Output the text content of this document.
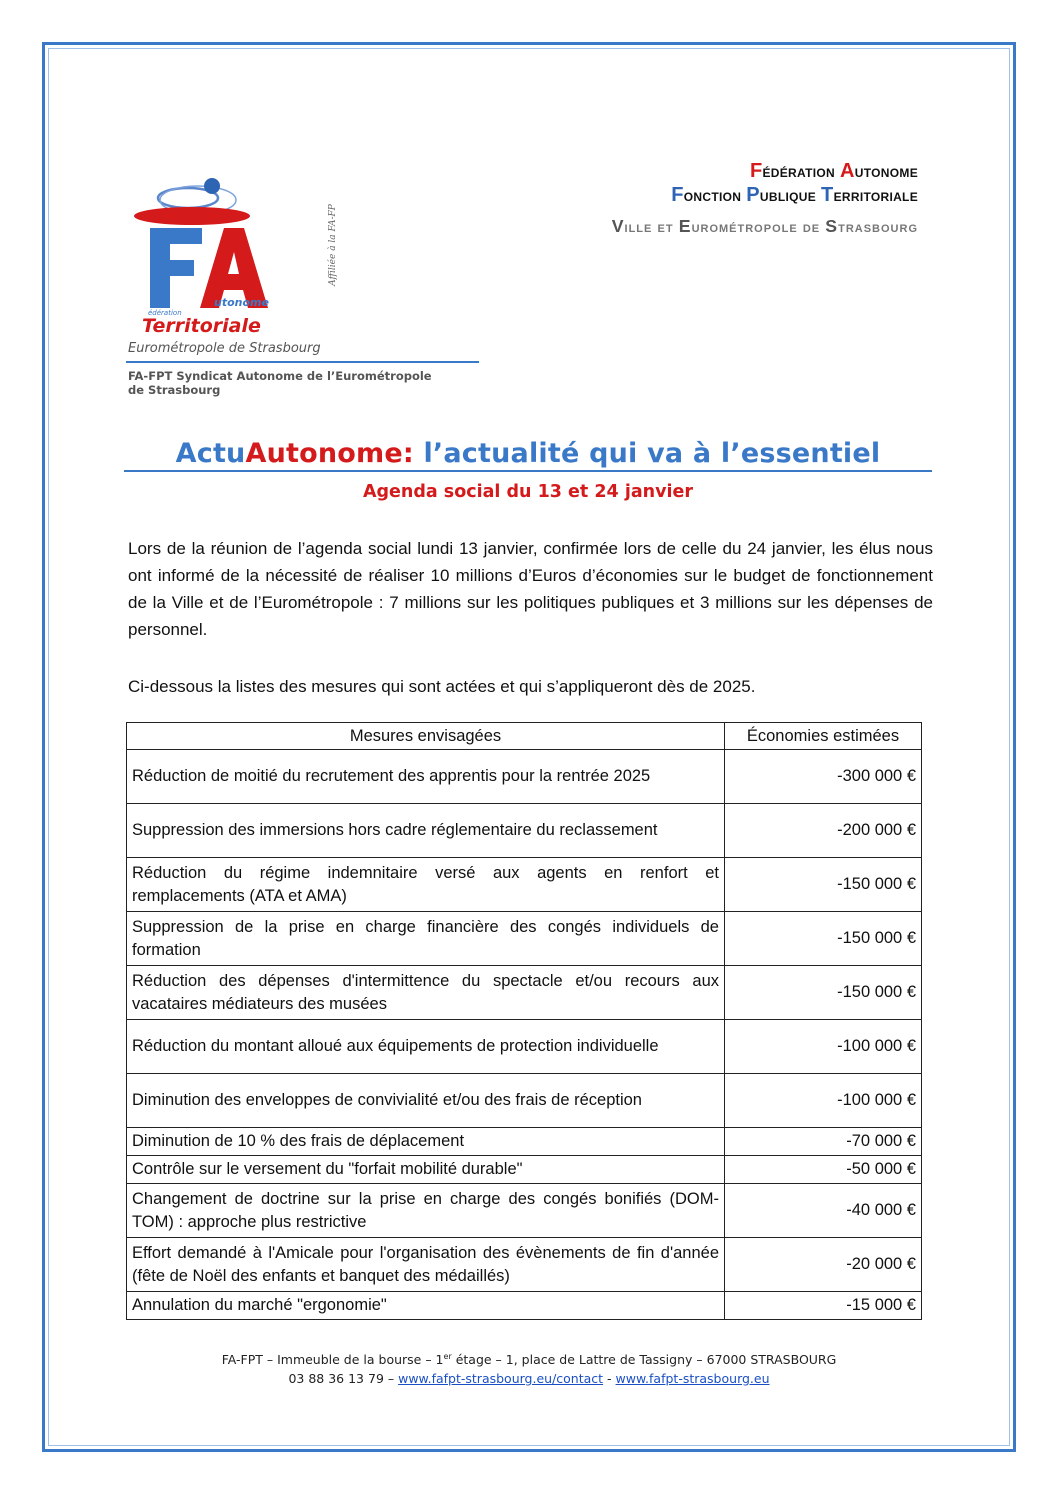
utonome
édération
Territoriale
Affiliée à la FA-FP
Eurométropole de Strasbourg
FA-FPT Syndicat Autonome de l’Eurométropole de Strasbourg
Fédération Autonome
Fonction Publique Territoriale
Ville et Eurométropole de Strasbourg
ActuAutonome: l’actualité qui va à l’essentiel
Agenda social du 13 et 24 janvier
Lors de la réunion de l’agenda social lundi 13 janvier, confirmée lors de celle du 24 janvier, les élus nous ont informé de la nécessité de réaliser 10 millions d’Euros d’économies sur le budget de fonctionnement de la Ville et de l’Eurométropole : 7 millions sur les politiques publiques et 3 millions sur les dépenses de personnel.
Ci-dessous la listes des mesures qui sont actées et qui s’appliqueront dès de 2025.
Mesures envisagées	Économies estimées
Réduction de moitié du recrutement des apprentis pour la rentrée 2025	-300 000 €
Suppression des immersions hors cadre réglementaire du reclassement	-200 000 €
Réduction du régime indemnitaire versé aux agents en renfort et remplacements (ATA et AMA)	-150 000 €
Suppression de la prise en charge financière des congés individuels de formation	-150 000 €
Réduction des dépenses d'intermittence du spectacle et/ou recours aux vacataires médiateurs des musées	-150 000 €
Réduction du montant alloué aux équipements de protection individuelle	-100 000 €
Diminution des enveloppes de convivialité et/ou des frais de réception	-100 000 €
Diminution de 10 % des frais de déplacement	-70 000 €
Contrôle sur le versement du "forfait mobilité durable"	-50 000 €
Changement de doctrine sur la prise en charge des congés bonifiés (DOM-TOM) : approche plus restrictive	-40 000 €
Effort demandé à l'Amicale pour l'organisation des évènements de fin d'année (fête de Noël des enfants et banquet des médaillés)	-20 000 €
Annulation du marché "ergonomie"	-15 000 €
FA-FPT – Immeuble de la bourse – 1er étage – 1, place de Lattre de Tassigny – 67000 STRASBOURG
03 88 36 13 79 – www.fafpt-strasbourg.eu/contact - www.fafpt-strasbourg.eu
